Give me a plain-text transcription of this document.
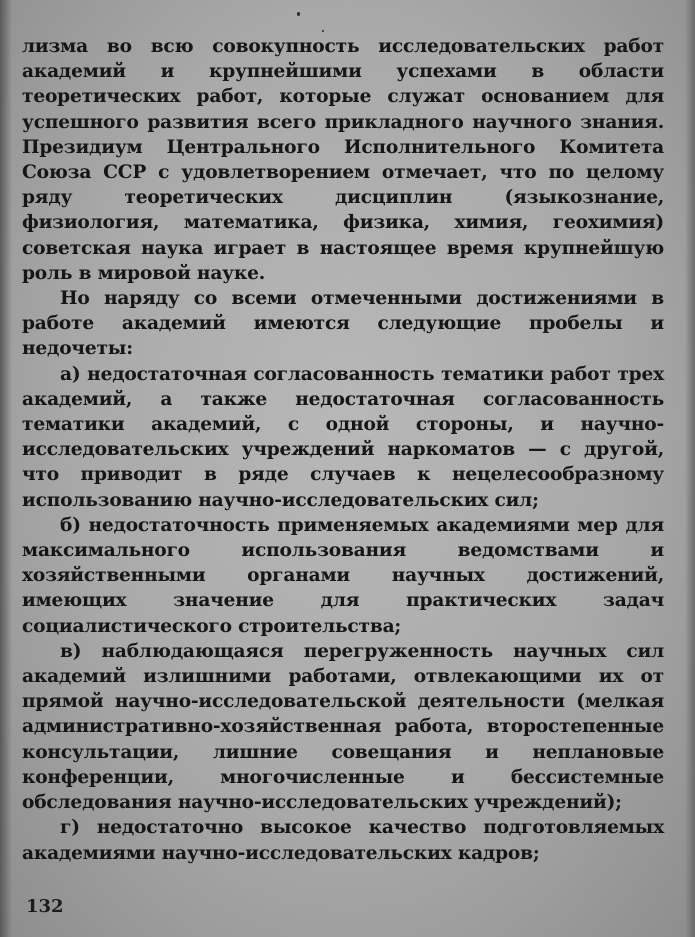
лизма во всю совокупность исследовательских работ академий и крупнейшими успехами в области теоретических работ, которые служат основанием для успешного развития всего прикладного научного знания. Президиум Центрального Исполнительного Комитета Союза ССР с удовлетворением отмечает, что по целому ряду теоретических дисциплин (языкознание, физиология, математика, физика, химия, геохимия) советская наука играет в настоящее время крупнейшую роль в мировой науке.

Но наряду со всеми отмеченными достижениями в работе академий имеются следующие пробелы и недочеты:

а) недостаточная согласованность тематики работ трех академий, а также недостаточная согласованность тематики академий, с одной стороны, и научно-исследовательских учреждений наркоматов — с другой, что приводит в ряде случаев к нецелесообразному использованию научно-исследовательских сил;

б) недостаточность применяемых академиями мер для максимального использования ведомствами и хозяйственными органами научных достижений, имеющих значение для практических задач социалистического строительства;

в) наблюдающаяся перегруженность научных сил академий излишними работами, отвлекающими их от прямой научно-исследовательской деятельности (мелкая административно-хозяйственная работа, второстепенные консультации, лишние совещания и неплановые конференции, многочисленные и бессистемные обследования научно-исследовательских учреждений);

г) недостаточно высокое качество подготовляемых академиями научно-исследовательских кадров;

132
